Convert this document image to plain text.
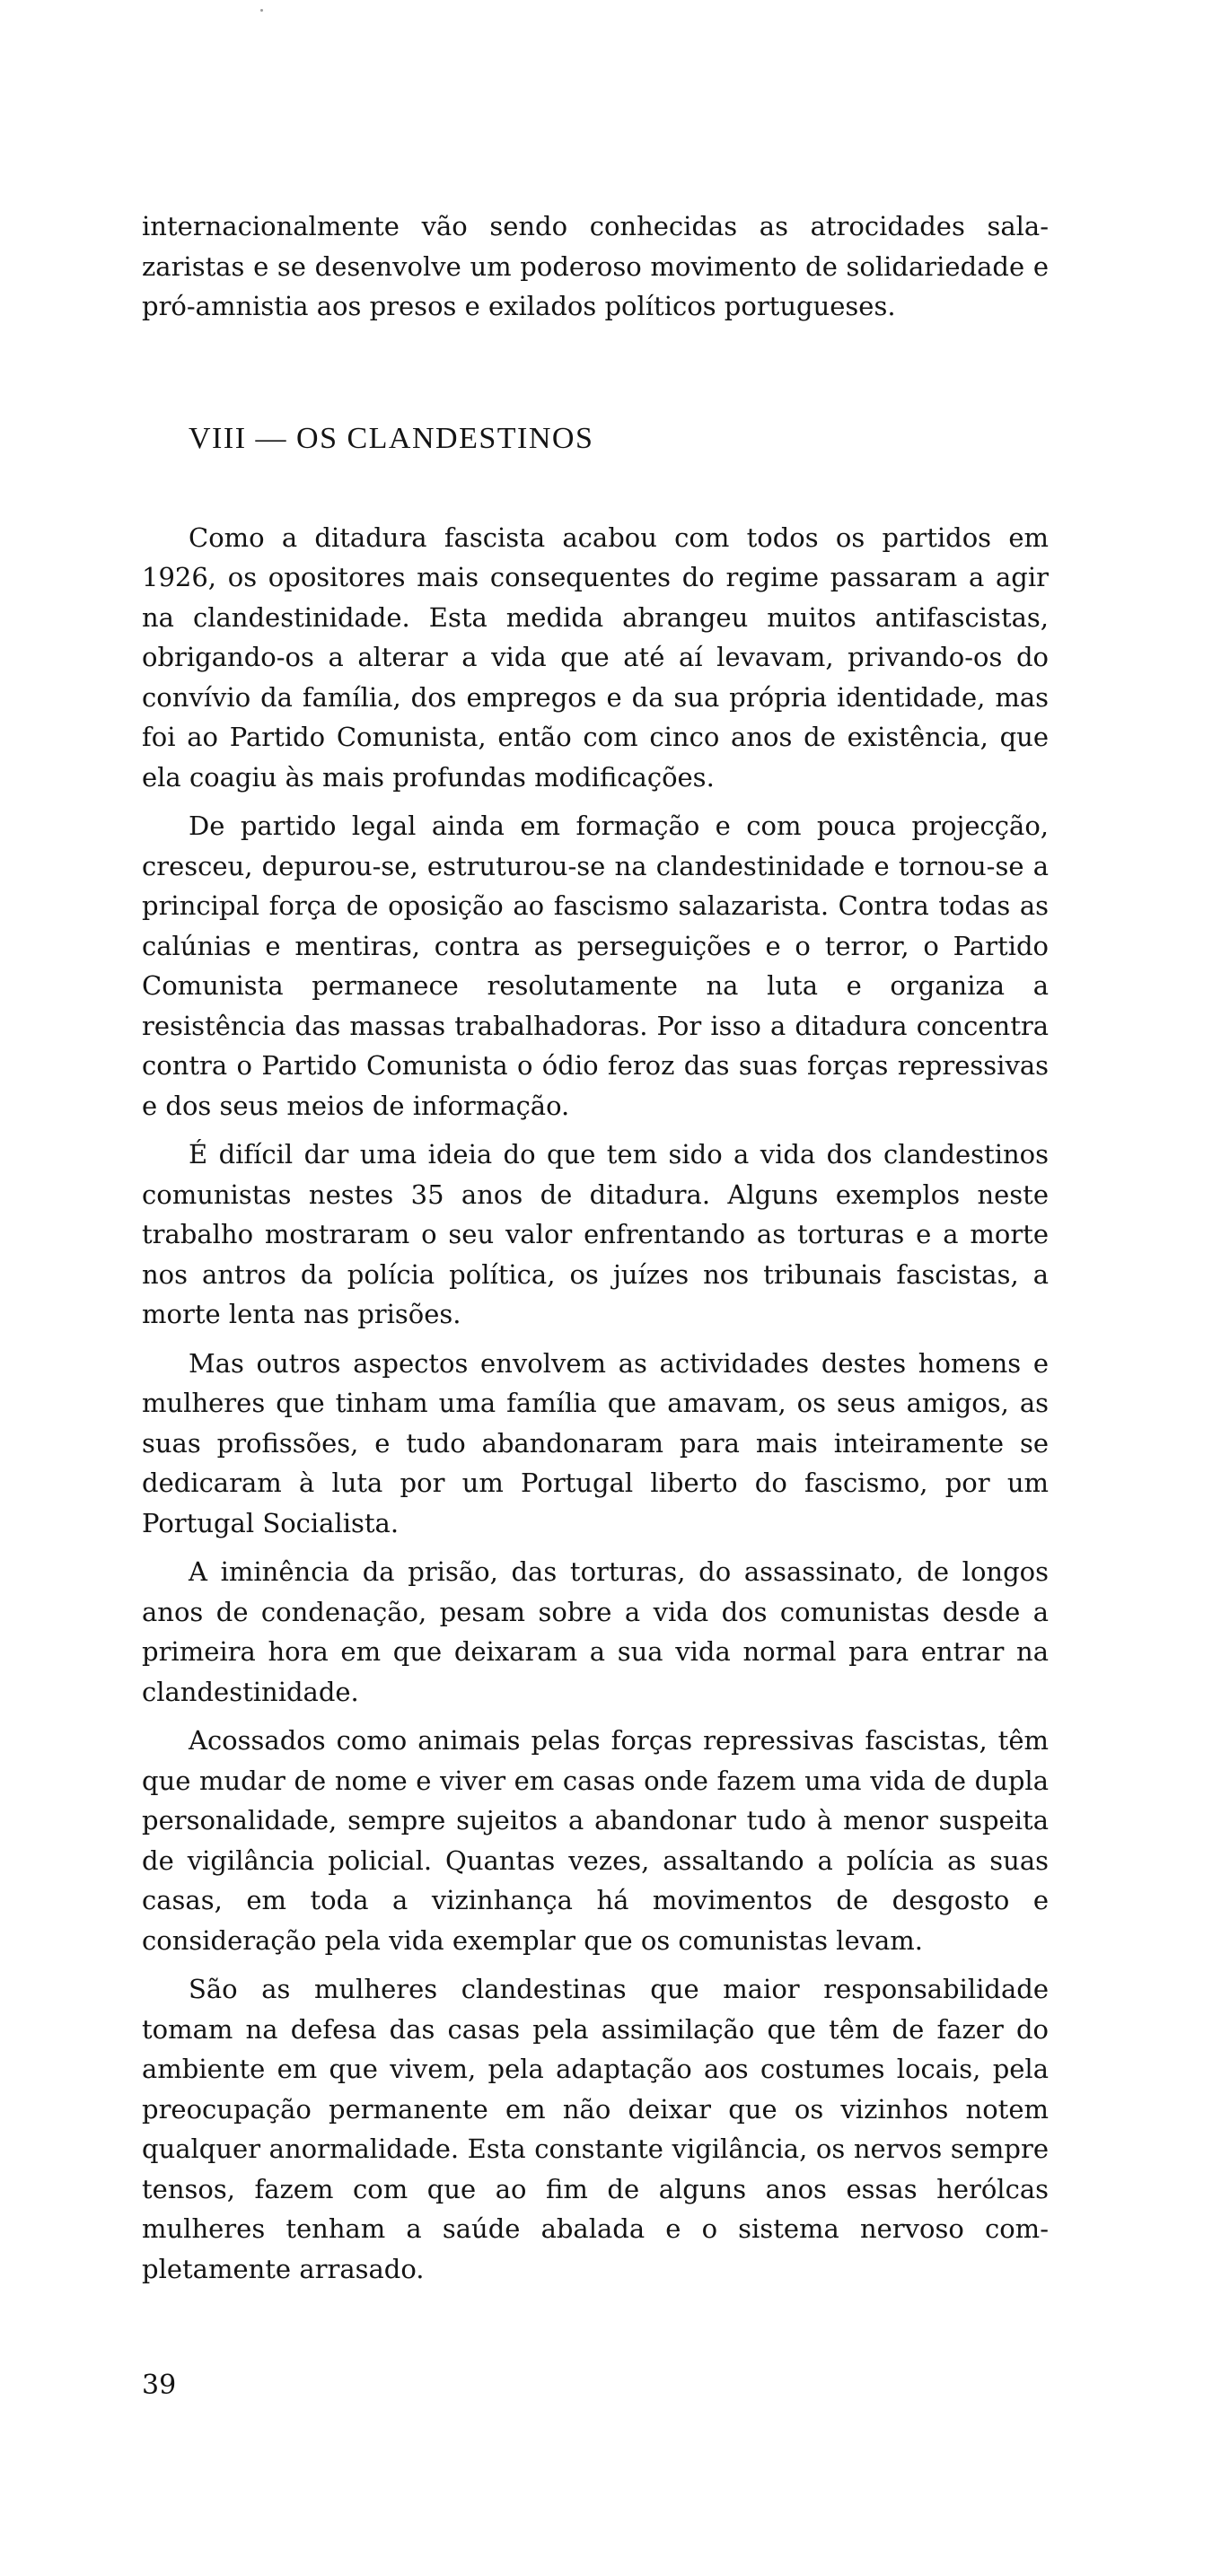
internacionalmente vão sendo conhecidas as atrocidades salazaristas e se desenvolve um poderoso movimento de solidariedade e pró-amnistia aos presos e exilados políticos portugueses.

VIII — OS CLANDESTINOS

Como a ditadura fascista acabou com todos os partidos em 1926, os opositores mais consequentes do regime passaram a agir na clandestinidade. Esta medida abrangeu muitos antifascistas, obrigando-os a alterar a vida que até aí levavam, privando-os do convívio da família, dos empregos e da sua própria identidade, mas foi ao Partido Comunista, então com cinco anos de existência, que ela coagiu às mais profundas modificações.

De partido legal ainda em formação e com pouca projecção, cresceu, depurou-se, estruturou-se na clandestinidade e tornou-se a principal força de oposição ao fascismo salazarista. Contra todas as calúnias e mentiras, contra as perseguições e o terror, o Partido Comunista permanece resolutamente na luta e organiza a resistência das massas trabalhadoras. Por isso a ditadura concentra contra o Partido Comunista o ódio feroz das suas forças repressivas e dos seus meios de informação.

É difícil dar uma ideia do que tem sido a vida dos clandestinos comunistas nestes 35 anos de ditadura. Alguns exemplos neste trabalho mostraram o seu valor enfrentando as torturas e a morte nos antros da polícia política, os juízes nos tribunais fascistas, a morte lenta nas prisões.

Mas outros aspectos envolvem as actividades destes homens e mulheres que tinham uma família que amavam, os seus amigos, as suas profissões, e tudo abandonaram para mais inteiramente se dedicaram à luta por um Portugal liberto do fascismo, por um Portugal Socialista.

A iminência da prisão, das torturas, do assassinato, de longos anos de condenação, pesam sobre a vida dos comunistas desde a primeira hora em que deixaram a sua vida normal para entrar na clandestinidade.

Acossados como animais pelas forças repressivas fascistas, têm que mudar de nome e viver em casas onde fazem uma vida de dupla personalidade, sempre sujeitos a abandonar tudo à menor suspeita de vigilância policial. Quantas vezes, assaltando a polícia as suas casas, em toda a vizinhança há movimentos de desgosto e consideração pela vida exemplar que os comunistas levam.

São as mulheres clandestinas que maior responsabilidade tomam na defesa das casas pela assimilação que têm de fazer do ambiente em que vivem, pela adaptação aos costumes locais, pela preocupação permanente em não deixar que os vizinhos notem qualquer anormalidade. Esta constante vigilância, os nervos sempre tensos, fazem com que ao fim de alguns anos essas herólcas mulheres tenham a saúde abalada e o sistema nervoso completamente arrasado.

39
